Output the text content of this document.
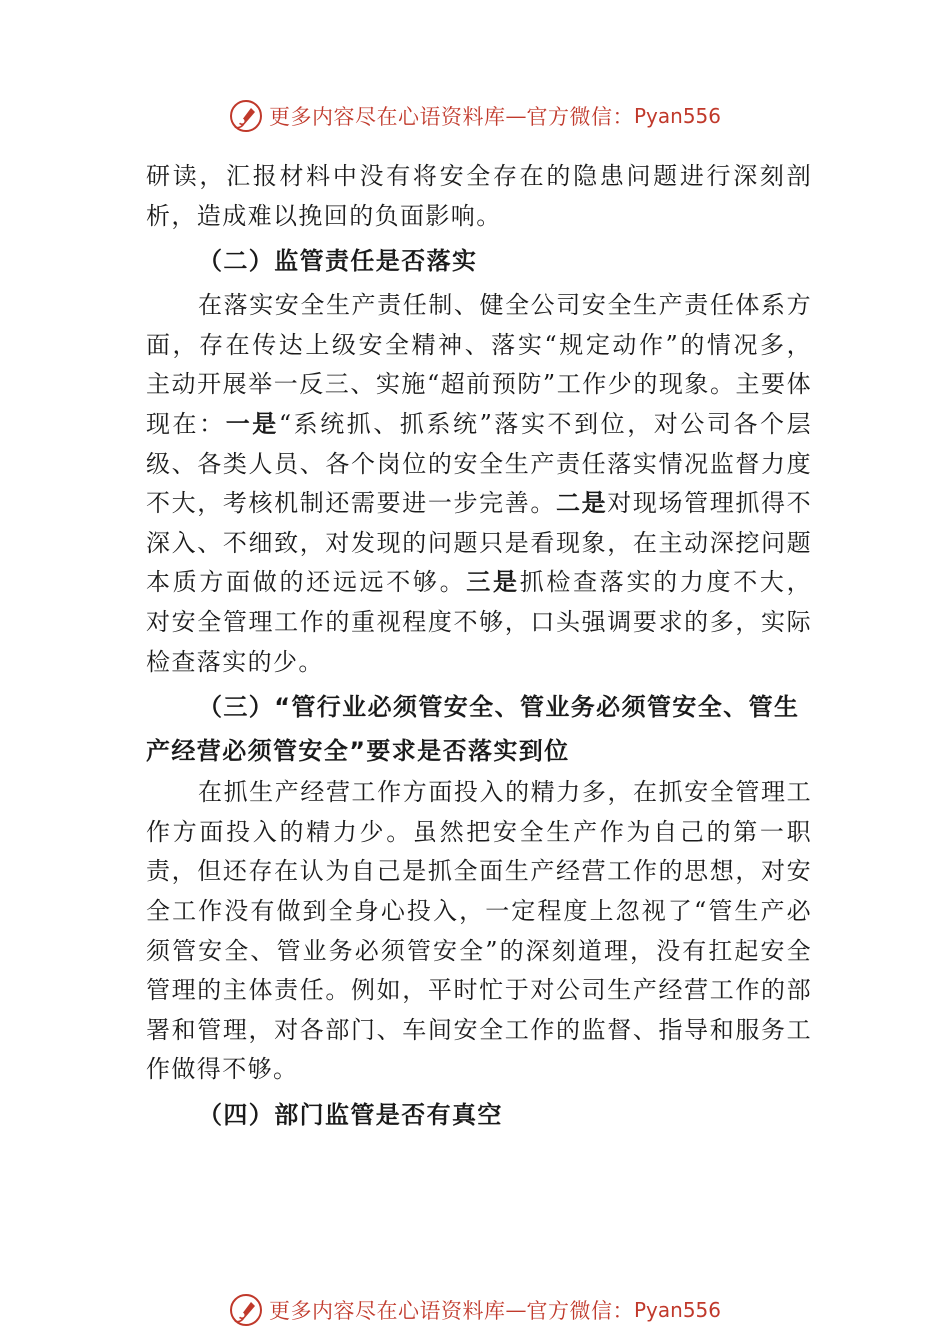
更多内容尽在心语资料库 — 官方微信： Pyan556

研读，汇报材料中没有将安全存在的隐患问题进行深刻剖析，造成难以挽回的负面影响。

（二）监管责任是否落实

在落实安全生产责任制、健全公司安全生产责任体系方面，存在传达上级安全精神、落实“规定动作”的情况多， 主动开展举一反三、实施“超前预防”工作少的现象。主要体现在：一是“系统抓、抓系统”落实不到位，对公司各个层级、各类人员、各个岗位的安全生产责任落实情况监督力度不大，考核机制还需要进一步完善。二是对现场管理抓得不深入、不细致，对发现的问题只是看现象，在主动深挖问题本质方面做的还远远不够。三是抓检查落实的力度不大， 对安全管理工作的重视程度不够，口头强调要求的多，实际检查落实的少。

（三）“管行业必须管安全、管业务必须管安全、管生产经营必须管安全”要求是否落实到位

在抓生产经营工作方面投入的精力多，在抓安全管理工作方面投入的精力少。虽然把安全生产作为自己的第一职责，但还存在认为自己是抓全面生产经营工作的思想，对安全工作没有做到全身心投入，一定程度上忽视了“管生产必须管安全、管业务必须管安全”的深刻道理，没有扛起安全管理的主体责任。例如，平时忙于对公司生产经营工作的部署和管理，对各部门、车间安全工作的监督、指导和服务工作做得不够。

（四）部门监管是否有真空

更多内容尽在心语资料库 — 官方微信： Pyan556
